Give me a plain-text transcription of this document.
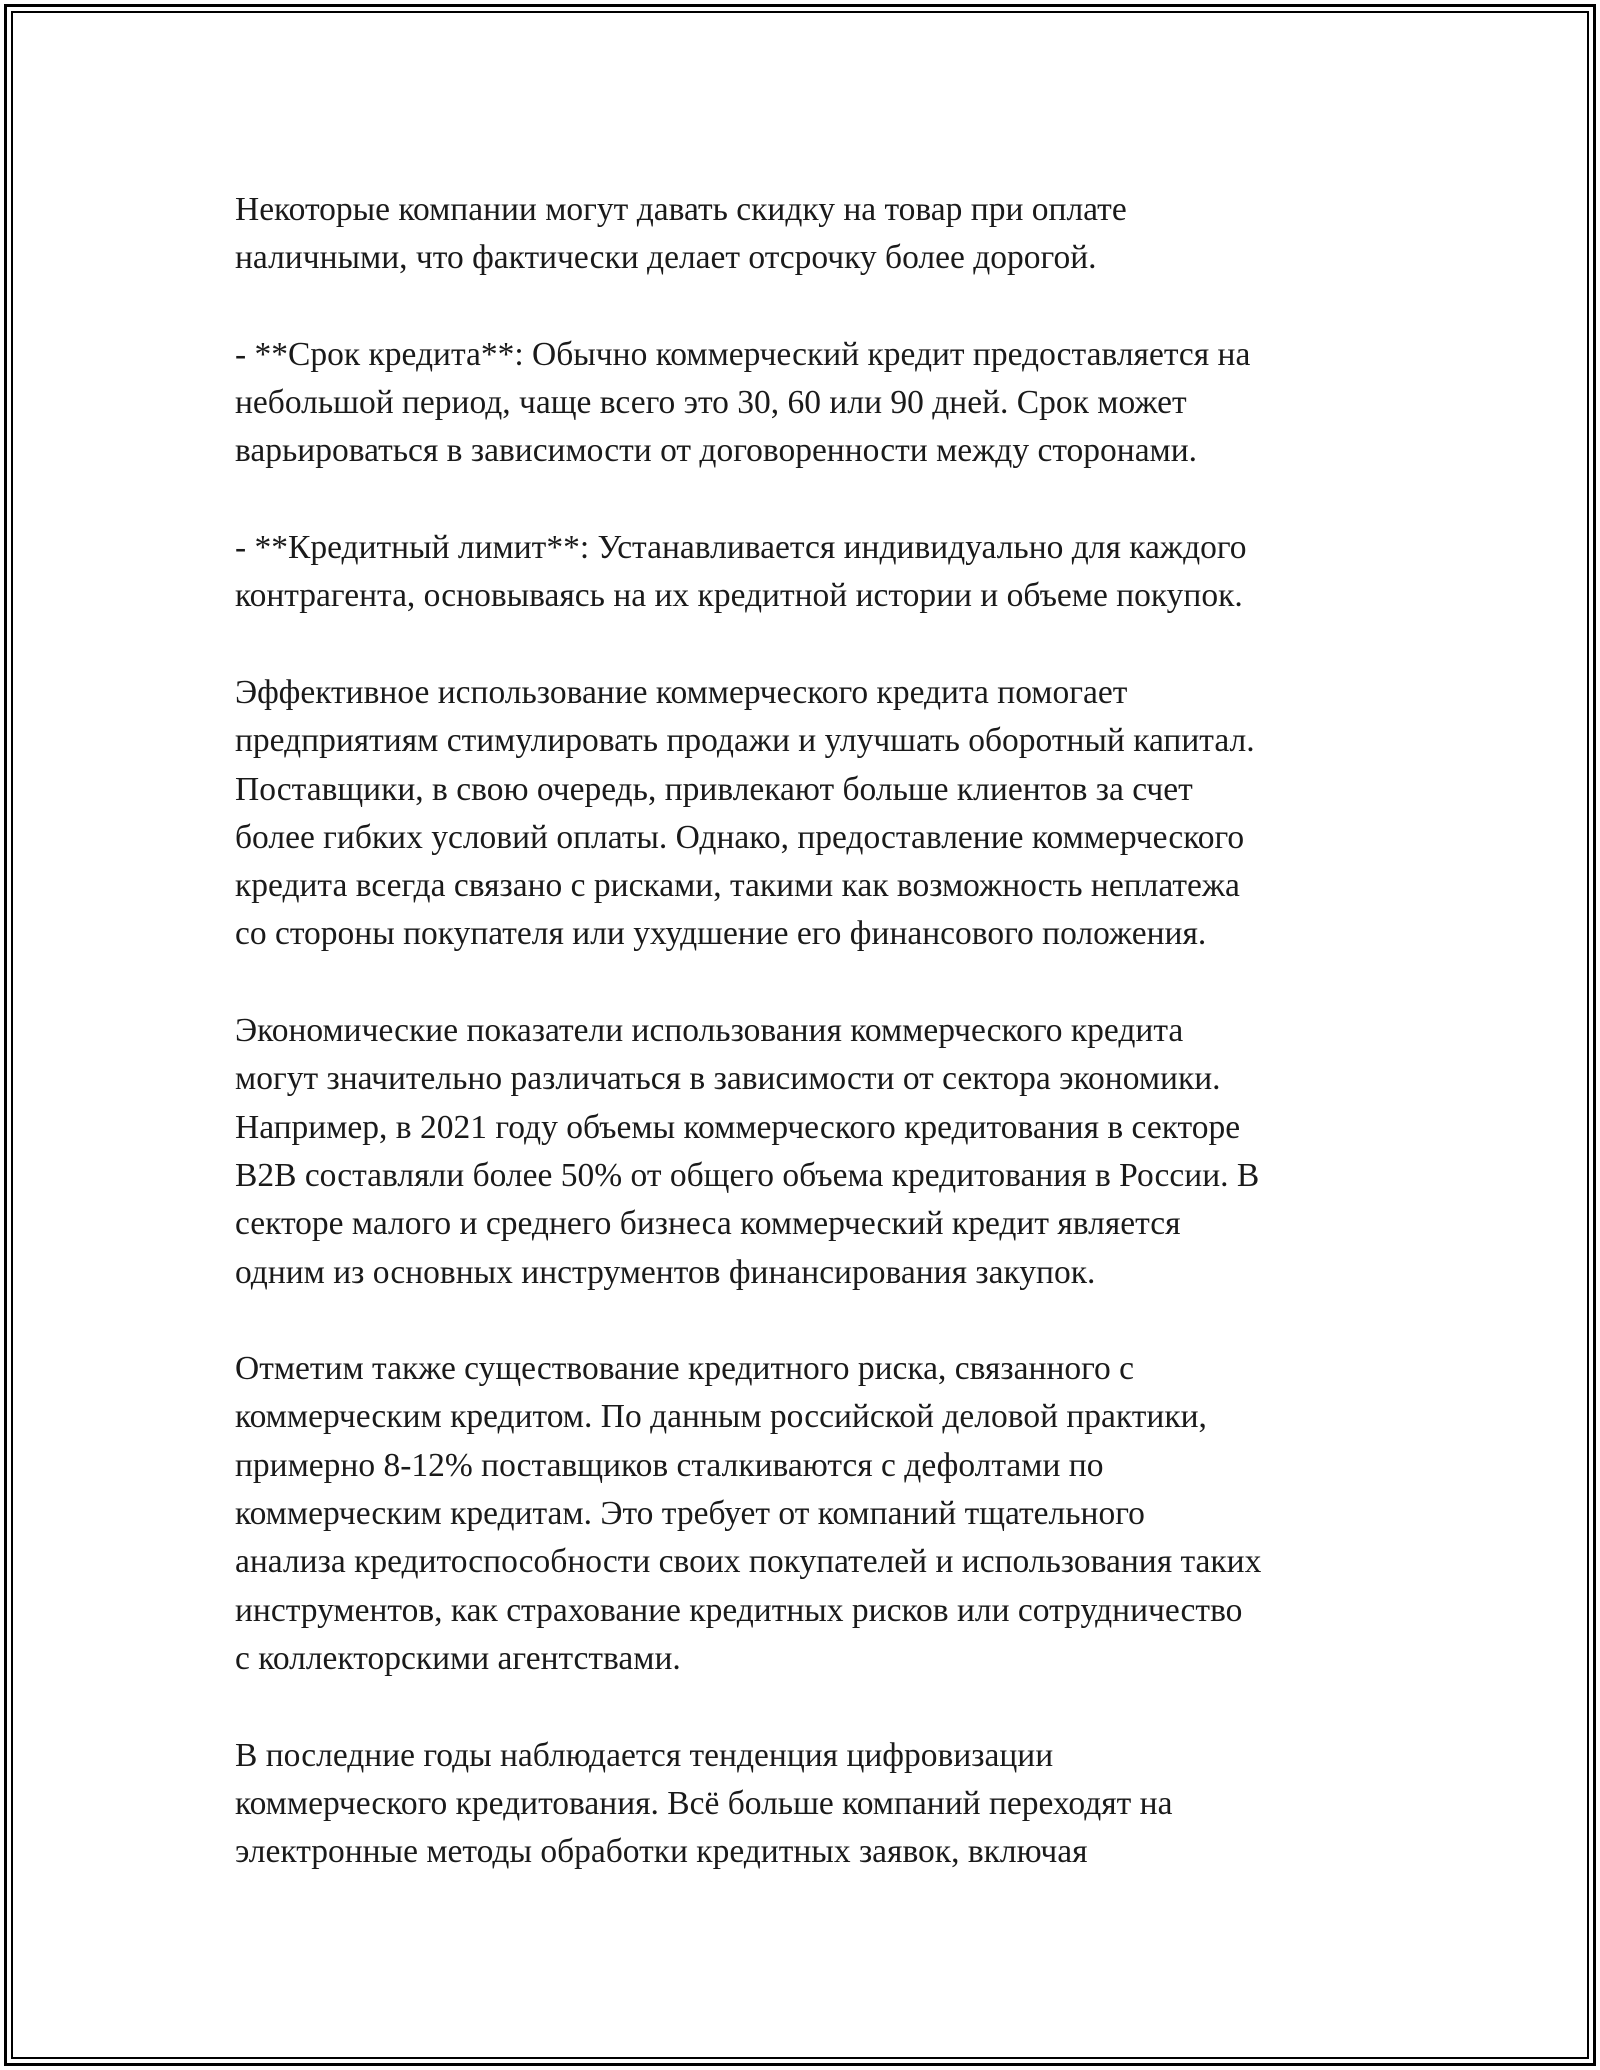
Некоторые компании могут давать скидку на товар при оплате
наличными, что фактически делает отсрочку более дорогой.

- **Срок кредита**: Обычно коммерческий кредит предоставляется на
небольшой период, чаще всего это 30, 60 или 90 дней. Срок может
варьироваться в зависимости от договоренности между сторонами.

- **Кредитный лимит**: Устанавливается индивидуально для каждого
контрагента, основываясь на их кредитной истории и объеме покупок.

Эффективное использование коммерческого кредита помогает
предприятиям стимулировать продажи и улучшать оборотный капитал.
Поставщики, в свою очередь, привлекают больше клиентов за счет
более гибких условий оплаты. Однако, предоставление коммерческого
кредита всегда связано с рисками, такими как возможность неплатежа
со стороны покупателя или ухудшение его финансового положения.

Экономические показатели использования коммерческого кредита
могут значительно различаться в зависимости от сектора экономики.
Например, в 2021 году объемы коммерческого кредитования в секторе
B2B составляли более 50% от общего объема кредитования в России. В
секторе малого и среднего бизнеса коммерческий кредит является
одним из основных инструментов финансирования закупок.

Отметим также существование кредитного риска, связанного с
коммерческим кредитом. По данным российской деловой практики,
примерно 8-12% поставщиков сталкиваются с дефолтами по
коммерческим кредитам. Это требует от компаний тщательного
анализа кредитоспособности своих покупателей и использования таких
инструментов, как страхование кредитных рисков или сотрудничество
с коллекторскими агентствами.

В последние годы наблюдается тенденция цифровизации
коммерческого кредитования. Всё больше компаний переходят на
электронные методы обработки кредитных заявок, включая
